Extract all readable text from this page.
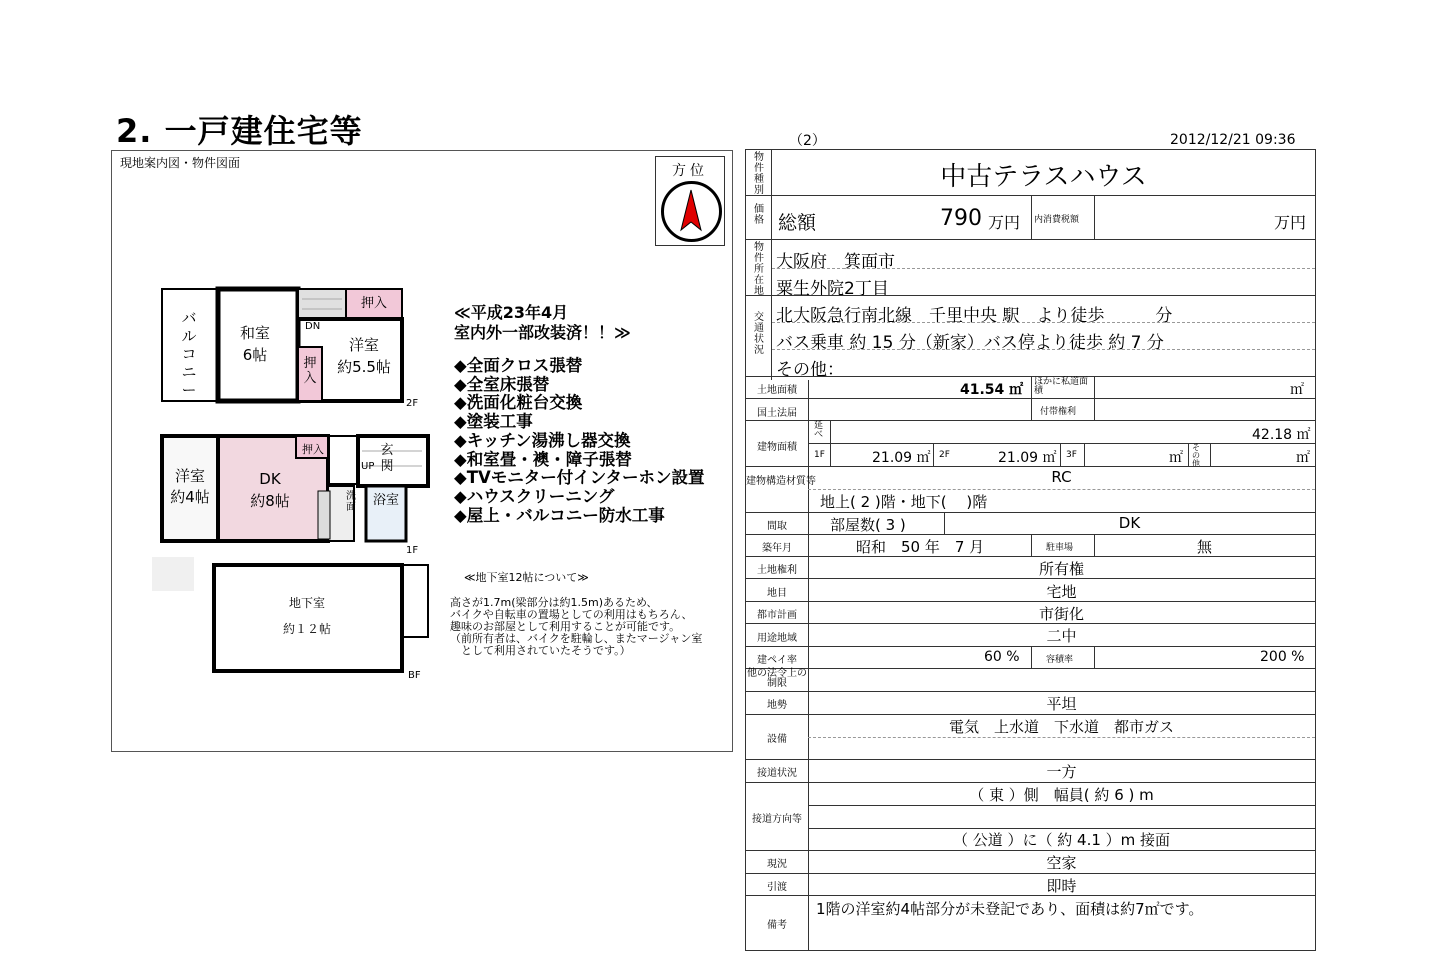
2. 一戸建住宅等
現地案内図・物件図面	方位
2F
バルコニー
和室
6帖
押入
DN
洋室
約5.5帖
押入
洋室
約4帖
DK
約8帖
押入
UP
玄関
洗面	浴室
1F
地下室
約１２帖
BF
≪平成23年4月
室内外一部改装済！！≫
◆全面クロス張替
◆全室床張替
◆洗面化粧台交換
◆塗装工事
◆キッチン湯沸し器交換
◆和室畳・襖・障子張替
◆TVモニター付インターホン設置
◆ハウスクリーニング
◆屋上・バルコニー防水工事
≪地下室12帖について≫
高さが1.7m(梁部分は約1.5m)あるため、
バイクや自転車の置場としての利用はもちろん、
趣味のお部屋として利用することが可能です。
（前所有者は、バイクを駐輪し、またマージャン室
　として利用されていたそうです。）
（2）	2012/12/21 09:36
物件種別	中古テラスハウス
価格 総額	790 万円 内消費税額	万円
物件所在地
大阪府　箕面市
粟生外院2丁目
交通状況
北大阪急行南北線　千里中央 駅　より徒歩　　　分
バス乗車 約 15 分（新家）バス停より徒歩 約 7 分
その他：
土地面積	41.54 ㎡ ほかに私道面積	㎡
国土法届	付帯権利
建物面積
延べ	42.18 ㎡
1F	21.09 ㎡ 2F	21.09 ㎡ 3F	㎡
その他	㎡
建物構造材質等	RC
地上( 2 )階・地下(　 )階
間取	部屋数( 3 )	DK
築年月	昭和　50 年　7 月	駐車場	無
土地権利	所有権
地目	宅地
都市計画	市街化
用途地域	二中
建ペイ率	60 %	容積率	200 %
他の法令上の制限
地勢	平坦
設備
電気　上水道　下水道　都市ガス
接道状況	一方
接道方向等
（ 東 ）側　幅員( 約 6 ) m
（ 公道 ）に（ 約 4.1 ）m 接面
現況	空家
引渡	即時
備考
1階の洋室約4帖部分が未登記であり、面積は約7㎡です。
